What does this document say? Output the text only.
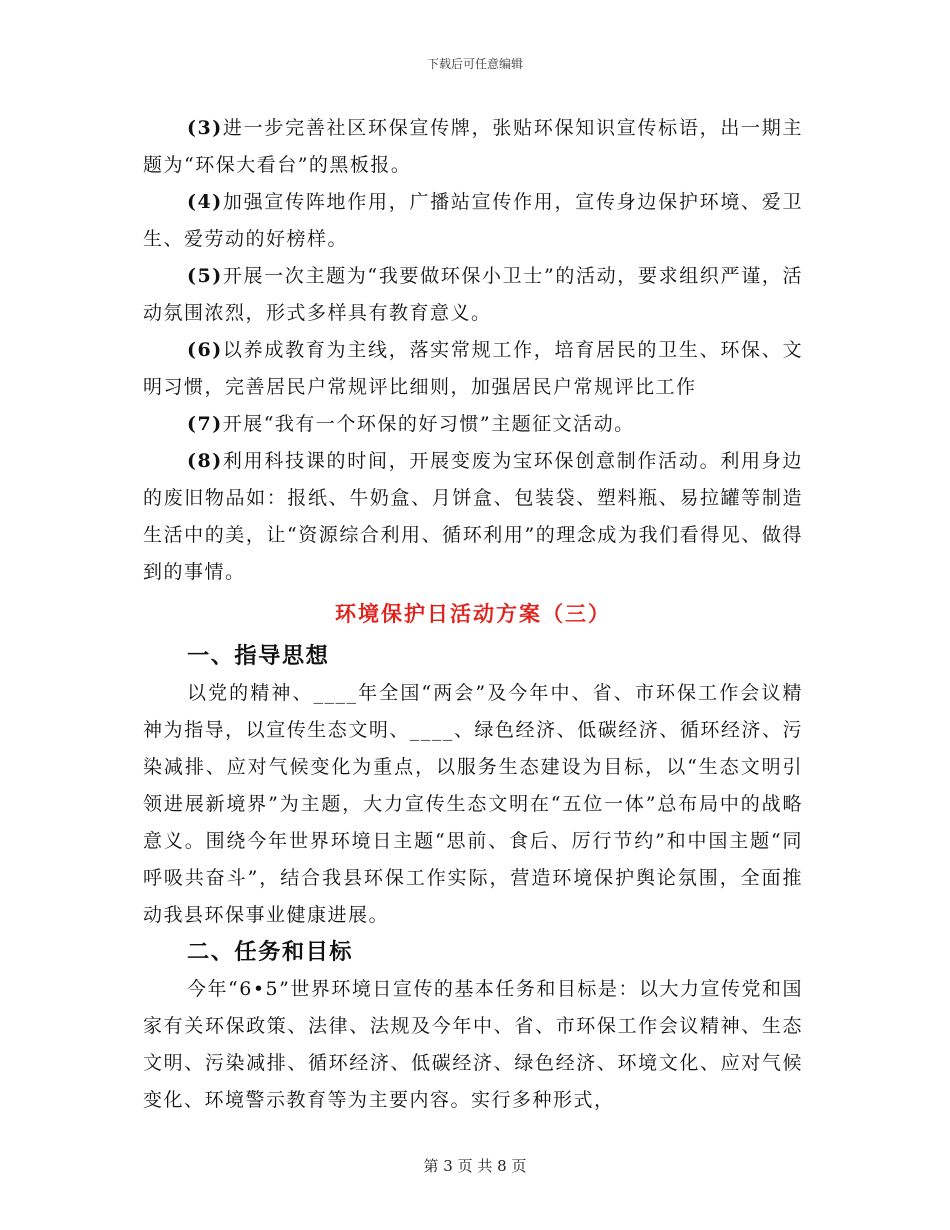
下载后可任意编辑

(3)进一步完善社区环保宣传牌，张贴环保知识宣传标语，出一期主题为“环保大看台”的黑板报。

(4)加强宣传阵地作用，广播站宣传作用，宣传身边保护环境、爱卫生、爱劳动的好榜样。

(5)开展一次主题为“我要做环保小卫士”的活动，要求组织严谨，活动氛围浓烈，形式多样具有教育意义。

(6)以养成教育为主线，落实常规工作，培育居民的卫生、环保、文明习惯，完善居民户常规评比细则，加强居民户常规评比工作

(7)开展“我有一个环保的好习惯”主题征文活动。

(8)利用科技课的时间，开展变废为宝环保创意制作活动。利用身边的废旧物品如：报纸、牛奶盒、月饼盒、包装袋、塑料瓶、易拉罐等制造生活中的美，让“资源综合利用、循环利用”的理念成为我们看得见、做得到的事情。

环境保护日活动方案（三）
一、指导思想

以党的精神、____年全国“两会”及今年中、省、市环保工作会议精神为指导，以宣传生态文明、____、绿色经济、低碳经济、循环经济、污染减排、应对气候变化为重点，以服务生态建设为目标，以“生态文明引领进展新境界”为主题，大力宣传生态文明在“五位一体”总布局中的战略意义。围绕今年世界环境日主题“思前、食后、厉行节约”和中国主题“同呼吸共奋斗”，结合我县环保工作实际，营造环境保护舆论氛围，全面推动我县环保事业健康进展。

二、任务和目标

今年“6•5”世界环境日宣传的基本任务和目标是：以大力宣传党和国家有关环保政策、法律、法规及今年中、省、市环保工作会议精神、生态文明、污染减排、循环经济、低碳经济、绿色经济、环境文化、应对气候变化、环境警示教育等为主要内容。实行多种形式，

第 3 页 共 8 页
